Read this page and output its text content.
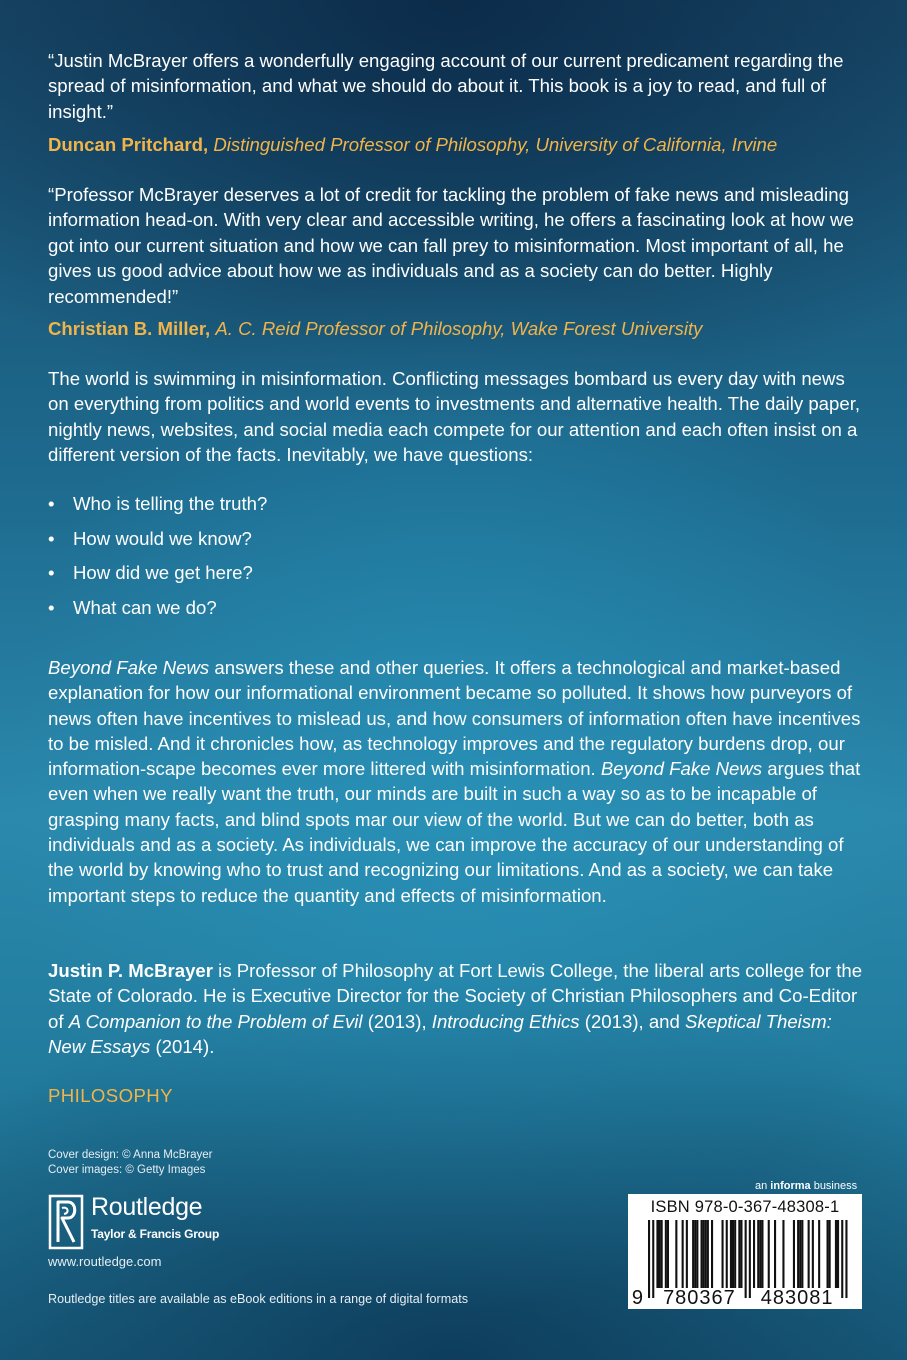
“Justin McBrayer offers a wonderfully engaging account of our current predicament regarding the spread of misinformation, and what we should do about it. This book is a joy to read, and full of insight.”

Duncan Pritchard, Distinguished Professor of Philosophy, University of California, Irvine

“Professor McBrayer deserves a lot of credit for tackling the problem of fake news and misleading information head-on. With very clear and accessible writing, he offers a fascinating look at how we got into our current situation and how we can fall prey to misinformation. Most important of all, he gives us good advice about how we as individuals and as a society can do better. Highly recommended!”

Christian B. Miller, A. C. Reid Professor of Philosophy, Wake Forest University

The world is swimming in misinformation. Conflicting messages bombard us every day with news on everything from politics and world events to investments and alternative health. The daily paper, nightly news, websites, and social media each compete for our attention and each often insist on a different version of the facts. Inevitably, we have questions:

• Who is telling the truth?
• How would we know?
• How did we get here?
• What can we do?

Beyond Fake News answers these and other queries. It offers a technological and market-based explanation for how our informational environment became so polluted. It shows how purveyors of news often have incentives to mislead us, and how consumers of information often have incentives to be misled. And it chronicles how, as technology improves and the regulatory burdens drop, our information-scape becomes ever more littered with misinformation. Beyond Fake News argues that even when we really want the truth, our minds are built in such a way so as to be incapable of grasping many facts, and blind spots mar our view of the world. But we can do better, both as individuals and as a society. As individuals, we can improve the accuracy of our understanding of the world by knowing who to trust and recognizing our limitations. And as a society, we can take important steps to reduce the quantity and effects of misinformation.

Justin P. McBrayer is Professor of Philosophy at Fort Lewis College, the liberal arts college for the State of Colorado. He is Executive Director for the Society of Christian Philosophers and Co-Editor of A Companion to the Problem of Evil (2013), Introducing Ethics (2013), and Skeptical Theism: New Essays (2014).

PHILOSOPHY
Cover design: © Anna McBrayer
Cover images: © Getty Images
Routledge
Taylor & Francis Group
www.routledge.com
Routledge titles are available as eBook editions in a range of digital formats
an informa business
ISBN 978-0-367-48308-1
9 780367 483081
